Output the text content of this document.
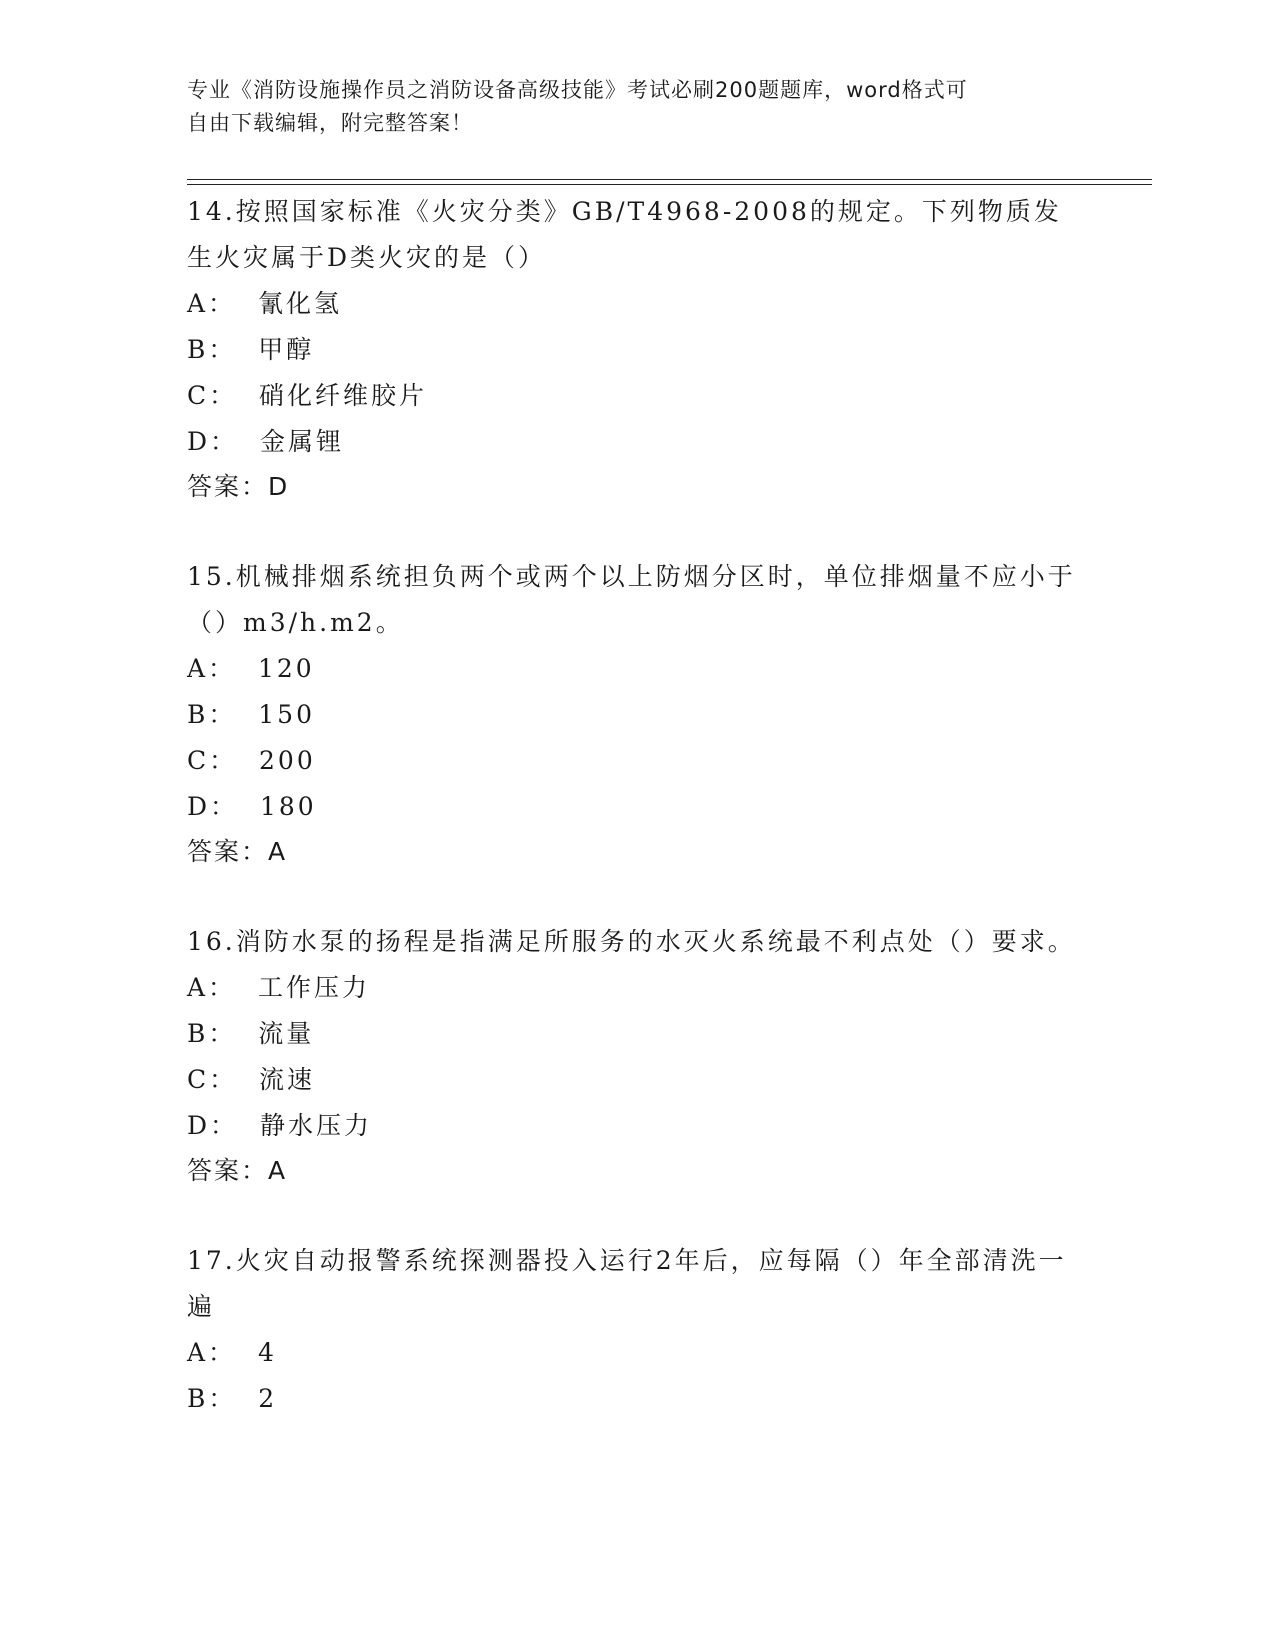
专业《消防设施操作员之消防设备高级技能》考试必刷200题题库，word格式可
自由下载编辑，附完整答案！

14.按照国家标准《火灾分类》GB/T4968-2008的规定。下列物质发生火灾属于D类火灾的是（）

A：  氰化氢

B：  甲醇

C：  硝化纤维胶片

D：  金属锂

答案：D

15.机械排烟系统担负两个或两个以上防烟分区时，单位排烟量不应小于（）m3/h.m2。

A：  120

B：  150

C：  200

D：  180

答案：A

16.消防水泵的扬程是指满足所服务的水灭火系统最不利点处（）要求。

A：  工作压力

B：  流量

C：  流速

D：  静水压力

答案：A

17.火灾自动报警系统探测器投入运行2年后，应每隔（）年全部清洗一遍

A：  4

B：  2
